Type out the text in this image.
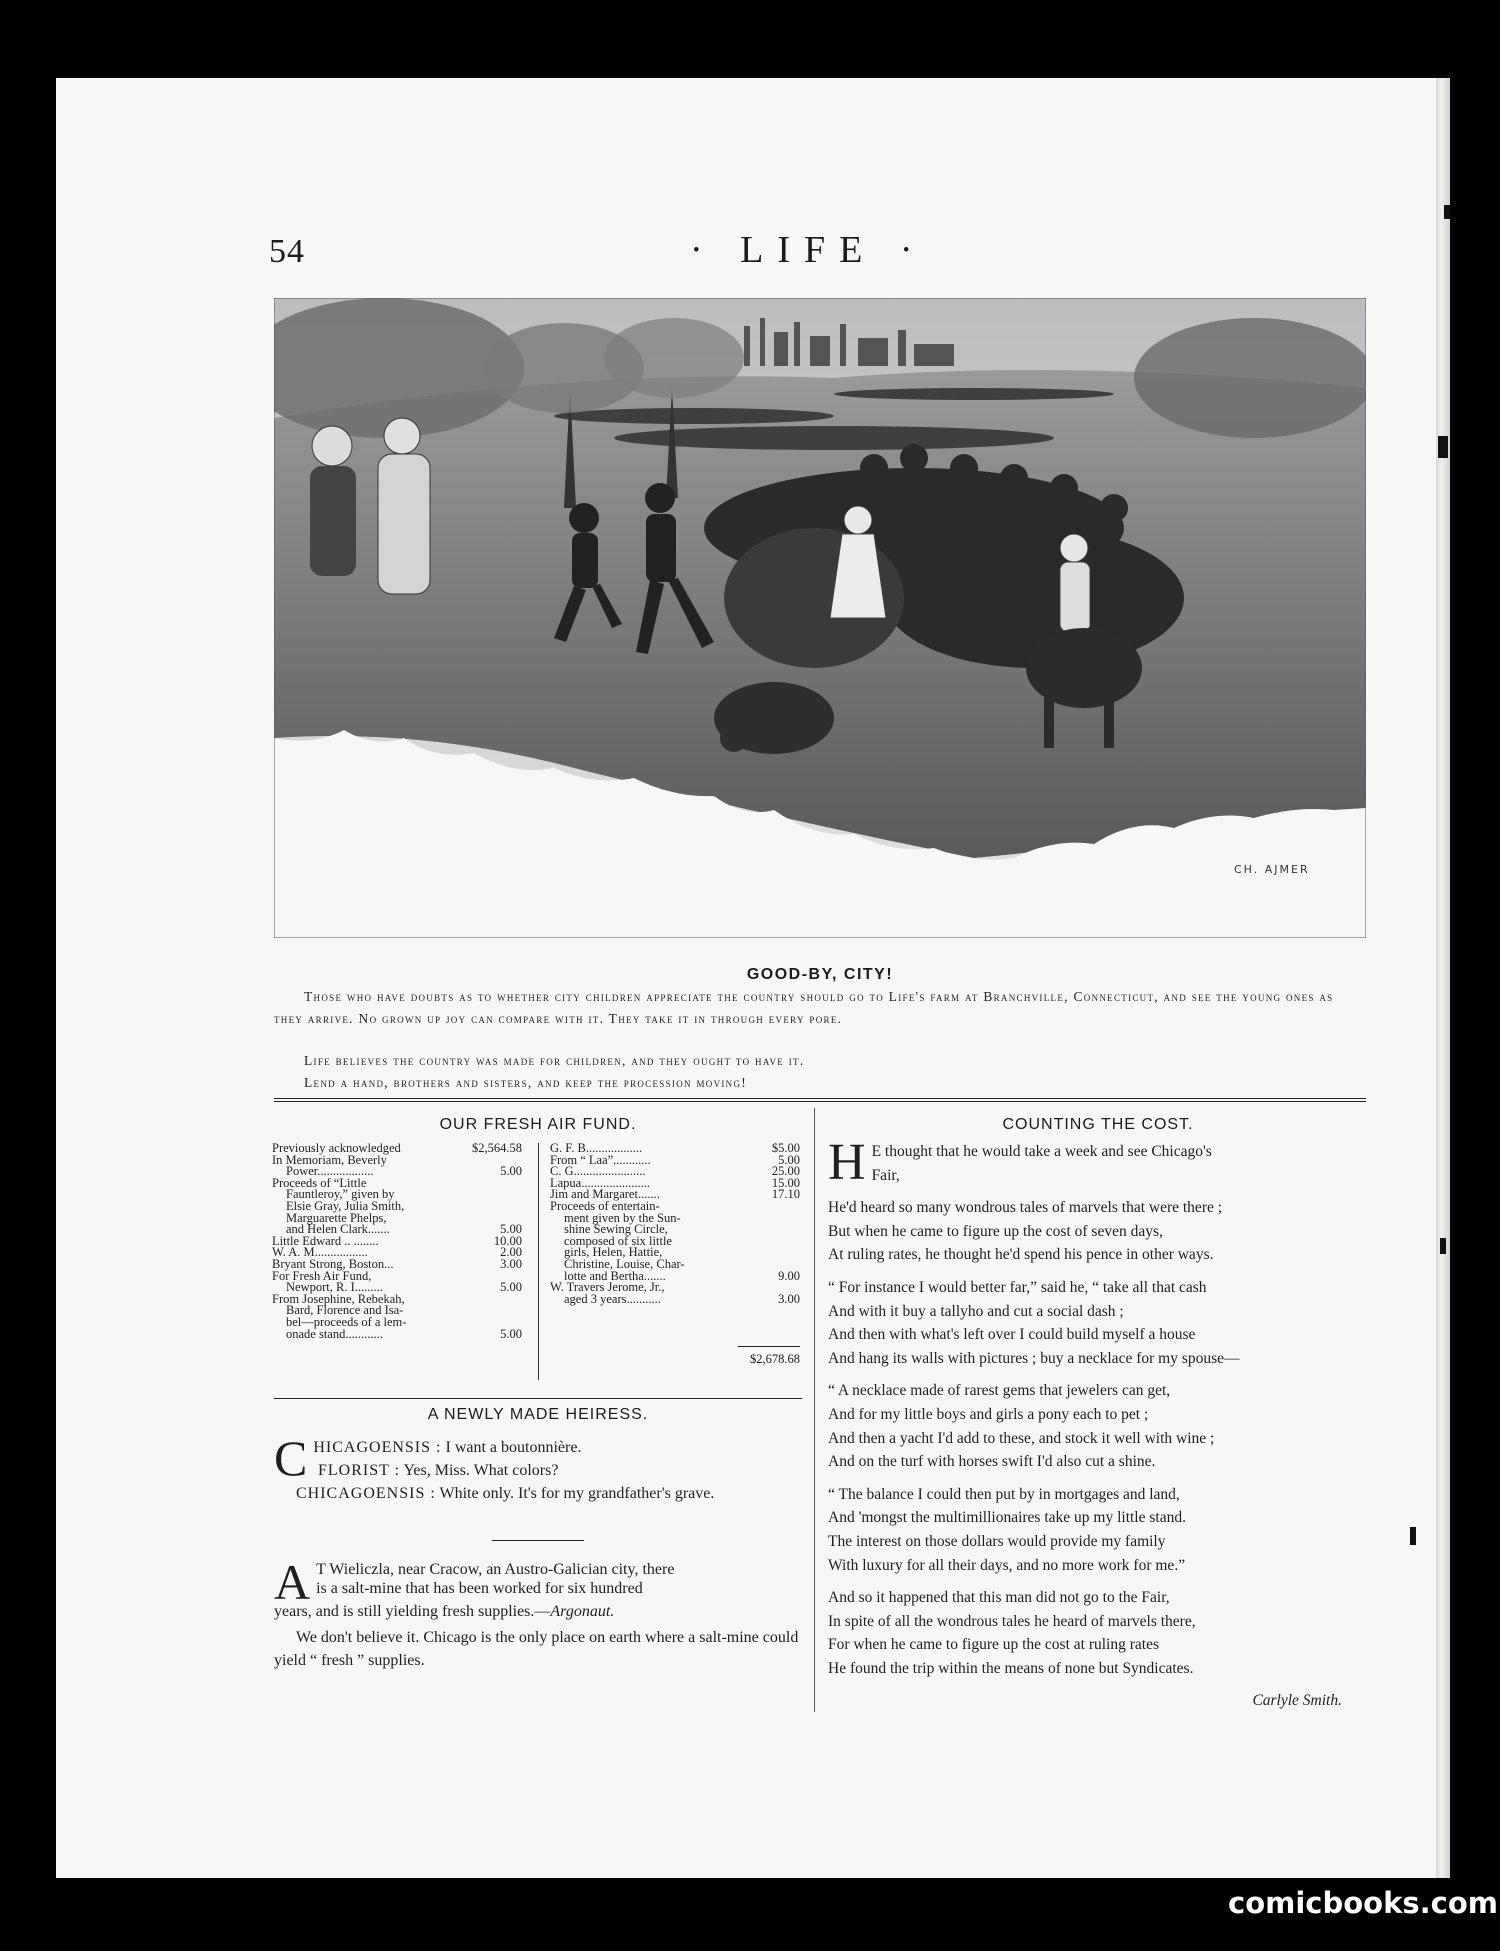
54	· LIFE ·
CH. AJMER
GOOD-BY, CITY!
Those who have doubts as to whether city children appreciate the country should go to Life's farm at Branchville, Connecticut, and see the young ones as they arrive. No grown up joy can compare with it. They take it in through every pore.
Life believes the country was made for children, and they ought to have it.
Lend a hand, brothers and sisters, and keep the procession moving!
OUR FRESH AIR FUND.
Previously acknowledged	$2,564.58
In Memoriam, Beverly
Power..................	5.00
Proceeds of “Little
Fauntleroy,” given by
Elsie Gray, Julia Smith,
Marguarette Phelps,
and Helen Clark.......	5.00
Little Edward .. ........	10.00
W. A. M.................	2.00
Bryant Strong, Boston...	3.00
For Fresh Air Fund,
Newport, R. I.........	5.00
From Josephine, Rebekah,
Bard, Florence and Isa-
bel—proceeds of a lem-
onade stand............	5.00
G. F. B..................	$5.00
From “ Laa”............	5.00
C. G.......................	25.00
Lapua......................	15.00
Jim and Margaret.......	17.10
Proceeds of entertain-
ment given by the Sun-
shine Sewing Circle,
composed of six little
girls, Helen, Hattie,
Christine, Louise, Char-
lotte and Bertha.......	9.00
W. Travers Jerome, Jr.,
aged 3 years...........	3.00
$2,678.68
A NEWLY MADE HEIRESS.
C HICAGOENSIS : I want a boutonnière.
FLORIST : Yes, Miss. What colors?
CHICAGOENSIS : White only. It's for my grandfather's grave.
A T Wieliczla, near Cracow, an Austro-Galician city, there
is a salt-mine that has been worked for six hundred
years, and is still yielding fresh supplies.—Argonaut.
We don't believe it. Chicago is the only place on earth where a salt-mine could yield “ fresh ” supplies.
COUNTING THE COST.
H E thought that he would take a week and see Chicago's
Fair,
He'd heard so many wondrous tales of marvels that were there ;
But when he came to figure up the cost of seven days,
At ruling rates, he thought he'd spend his pence in other ways.
“ For instance I would better far,” said he, “ take all that cash
And with it buy a tallyho and cut a social dash ;
And then with what's left over I could build myself a house
And hang its walls with pictures ; buy a necklace for my spouse—
“ A necklace made of rarest gems that jewelers can get,
And for my little boys and girls a pony each to pet ;
And then a yacht I'd add to these, and stock it well with wine ;
And on the turf with horses swift I'd also cut a shine.
“ The balance I could then put by in mortgages and land,
And 'mongst the multimillionaires take up my little stand.
The interest on those dollars would provide my family
With luxury for all their days, and no more work for me.”
And so it happened that this man did not go to the Fair,
In spite of all the wondrous tales he heard of marvels there,
For when he came to figure up the cost at ruling rates
He found the trip within the means of none but Syndicates.
Carlyle Smith.
comicbooks.com
